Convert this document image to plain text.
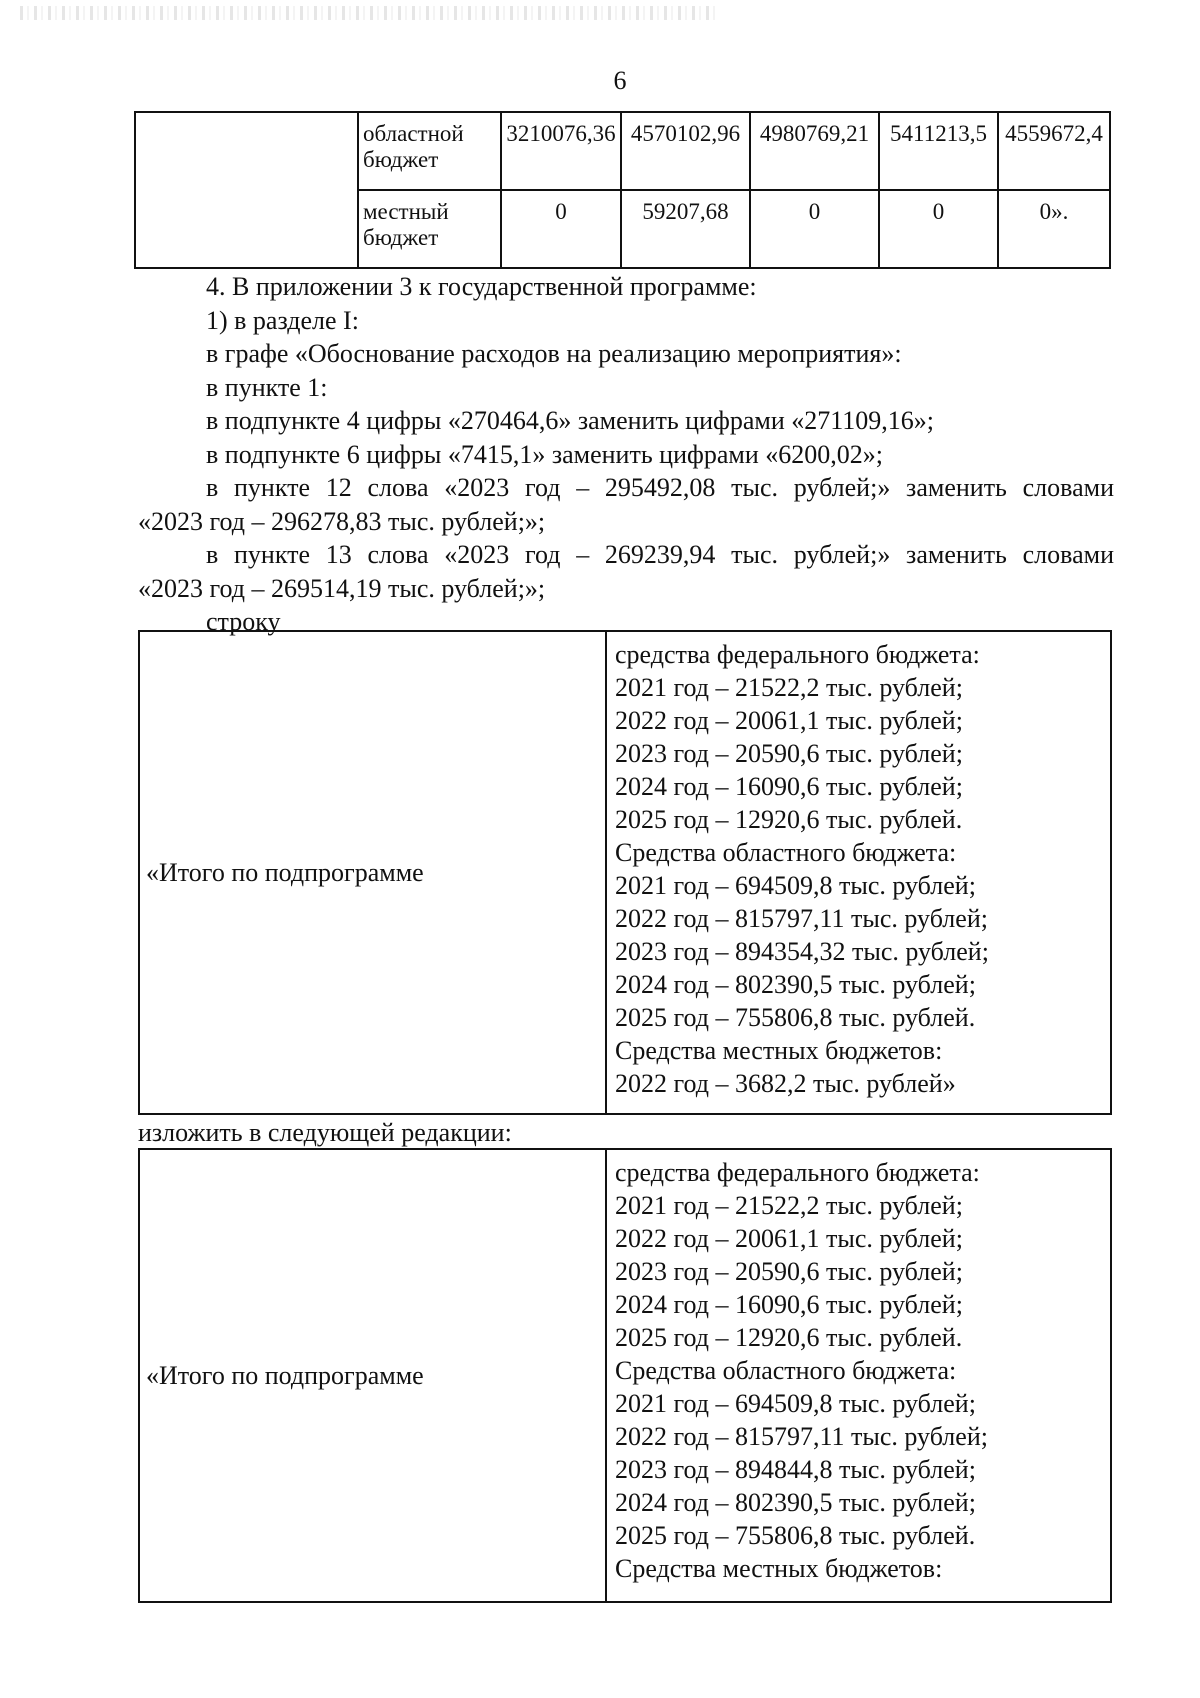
6
	областной бюджет	3210076,36	4570102,96	4980769,21	5411213,5	4559672,4
	местный бюджет	0	59207,68	0	0	0».

4. В приложении 3 к государственной программе:

1) в разделе I:

в графе «Обоснование расходов на реализацию мероприятия»:

в пункте 1:

в подпункте 4 цифры «270464,6» заменить цифрами «271109,16»;

в подпункте 6 цифры «7415,1» заменить цифрами «6200,02»;

в пункте 12 слова «2023 год – 295492,08 тыс. рублей;» заменить словами

«2023 год – 296278,83 тыс. рублей;»;

в пункте 13 слова «2023 год – 269239,94 тыс. рублей;» заменить словами

«2023 год – 269514,19 тыс. рублей;»;

строку

«Итого по подпрограмме	
средства федерального бюджета:
2021 год – 21522,2 тыс. рублей;
2022 год – 20061,1 тыс. рублей;
2023 год – 20590,6 тыс. рублей;
2024 год – 16090,6 тыс. рублей;
2025 год – 12920,6 тыс. рублей.
Средства областного бюджета:
2021 год – 694509,8 тыс. рублей;
2022 год – 815797,11 тыс. рублей;
2023 год – 894354,32 тыс. рублей;
2024 год – 802390,5 тыс. рублей;
2025 год – 755806,8 тыс. рублей.
Средства местных бюджетов:
2022 год – 3682,2 тыс. рублей»
изложить в следующей редакции:
«Итого по подпрограмме	
средства федерального бюджета:
2021 год – 21522,2 тыс. рублей;
2022 год – 20061,1 тыс. рублей;
2023 год – 20590,6 тыс. рублей;
2024 год – 16090,6 тыс. рублей;
2025 год – 12920,6 тыс. рублей.
Средства областного бюджета:
2021 год – 694509,8 тыс. рублей;
2022 год – 815797,11 тыс. рублей;
2023 год – 894844,8 тыс. рублей;
2024 год – 802390,5 тыс. рублей;
2025 год – 755806,8 тыс. рублей.
Средства местных бюджетов:
